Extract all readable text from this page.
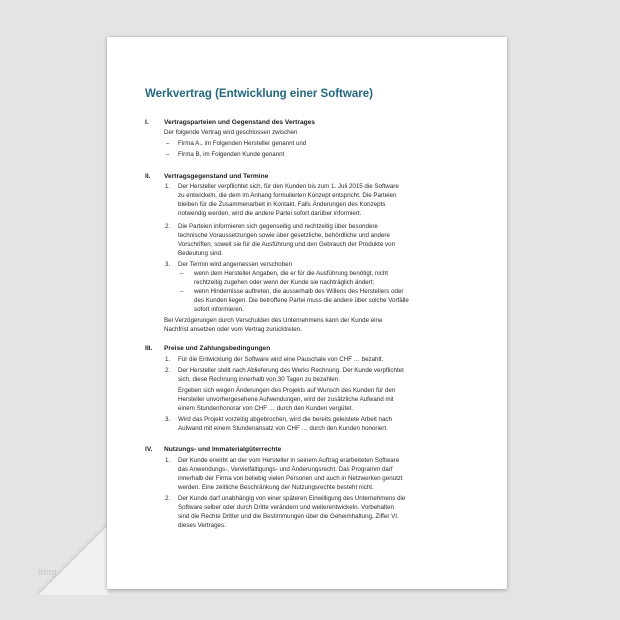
blog
Werkvertrag (Entwicklung einer Software)
I. Vertragsparteien und Gegenstand des Vertrages

Der folgende Vertrag wird geschlossen zwischen

– Firma A., im Folgenden Hersteller genannt und

– Firma B, im Folgenden Kunde genannt

II. Vertragsgegenstand und Termine

1. Der Hersteller verpflichtet sich, für den Kunden bis zum 1. Juli 2015 die Software

zu entwickeln, die dem im Anhang formulierten Konzept entspricht. Die Parteien

bleiben für die Zusammenarbeit in Kontakt. Falls Änderungen des Konzepts

notwendig werden, wird die andere Partei sofort darüber informiert.

2. Die Parteien informieren sich gegenseitig und rechtzeitig über besondere

technische Voraussetzungen sowie über gesetzliche, behördliche und andere

Vorschriften, soweit sie für die Ausführung und den Gebrauch der Produkte von

Bedeutung sind.

3. Der Termin wird angemessen verschoben

– wenn dem Hersteller Angaben, die er für die Ausführung benötigt, nicht

rechtzeitig zugehen oder wenn der Kunde sie nachträglich ändert;

– wenn Hindernisse auftreten, die ausserhalb des Willens des Herstellers oder

des Kunden liegen. Die betroffene Partei muss die andere über solche Vorfälle

sofort informieren.

Bei Verzögerungen durch Verschulden des Unternehmens kann der Kunde eine

Nachfrist ansetzen oder vom Vertrag zurücktreten.

III. Preise und Zahlungsbedingungen

1. Für die Entwicklung der Software wird eine Pauschale von CHF … bezahlt.

2. Der Hersteller stellt nach Ablieferung des Werks Rechnung. Der Kunde verpflichtet

sich, diese Rechnung innerhalb von 30 Tagen zu bezahlen.

Ergeben sich wegen Änderungen des Projekts auf Wunsch des Kunden für den

Hersteller unvorhergesehene Aufwendungen, wird der zusätzliche Aufwand mit

einem Stundenhonorar von CHF … durch den Kunden vergütet.

3. Wird das Projekt vorzeitig abgebrochen, wird die bereits geleistete Arbeit nach

Aufwand mit einem Stundenansatz von CHF … durch den Kunden honoriert.

IV. Nutzungs- und Immaterialgüterrechte

1. Der Kunde erwirbt an der vom Hersteller in seinem Auftrag erarbeiteten Software

das Anwendungs-, Vervielfältigungs- und Änderungsrecht. Das Programm darf

innerhalb der Firma von beliebig vielen Personen und auch in Netzwerken genutzt

werden. Eine zeitliche Beschränkung der Nutzungsrechte besteht nicht.

2. Der Kunde darf unabhängig von einer späteren Einwilligung des Unternehmens die

Software selber oder durch Dritte verändern und weiterentwickeln. Vorbehalten

sind die Rechte Dritter und die Bestimmungen über die Geheimhaltung, Ziffer VI.

dieses Vertrages.
